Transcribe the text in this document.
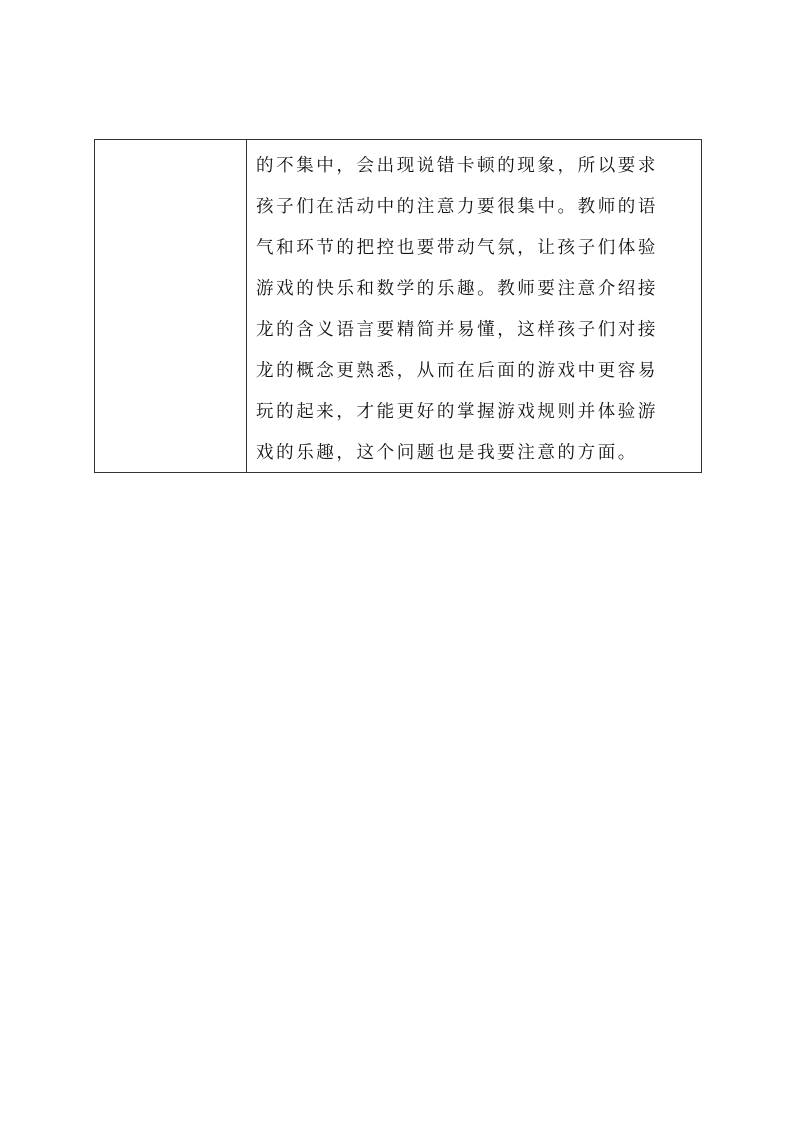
的不集中，会出现说错卡顿的现象，所以要求
孩子们在活动中的注意力要很集中。教师的语
气和环节的把控也要带动气氛，让孩子们体验
游戏的快乐和数学的乐趣。教师要注意介绍接
龙的含义语言要精简并易懂，这样孩子们对接
龙的概念更熟悉，从而在后面的游戏中更容易
玩的起来，才能更好的掌握游戏规则并体验游
戏的乐趣，这个问题也是我要注意的方面。
